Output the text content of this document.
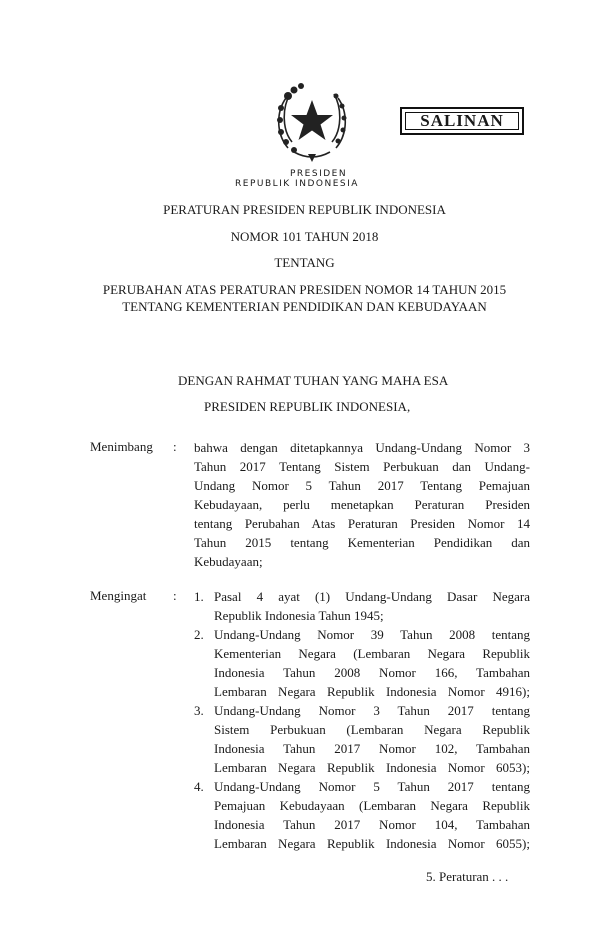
SALINAN
PRESIDEN
REPUBLIK INDONESIA
PERATURAN PRESIDEN REPUBLIK INDONESIA
NOMOR 101 TAHUN 2018
TENTANG
PERUBAHAN ATAS PERATURAN PRESIDEN NOMOR 14 TAHUN 2015
TENTANG KEMENTERIAN PENDIDIKAN DAN KEBUDAYAAN
DENGAN RAHMAT TUHAN YANG MAHA ESA
PRESIDEN REPUBLIK INDONESIA,
Menimbang : bahwa dengan ditetapkannya Undang-Undang Nomor 3
Tahun 2017 Tentang Sistem Perbukuan dan Undang-
Undang Nomor 5 Tahun 2017 Tentang Pemajuan
Kebudayaan, perlu menetapkan Peraturan Presiden
tentang Perubahan Atas Peraturan Presiden Nomor 14
Tahun 2015 tentang Kementerian Pendidikan dan
Kebudayaan;
Mengingat : 1. Pasal 4 ayat (1) Undang-Undang Dasar Negara
Republik Indonesia Tahun 1945;
2. Undang-Undang Nomor 39 Tahun 2008 tentang
Kementerian Negara (Lembaran Negara Republik
Indonesia Tahun 2008 Nomor 166, Tambahan
Lembaran Negara Republik Indonesia Nomor 4916);
3. Undang-Undang Nomor 3 Tahun 2017 tentang
Sistem Perbukuan (Lembaran Negara Republik
Indonesia Tahun 2017 Nomor 102, Tambahan
Lembaran Negara Republik Indonesia Nomor 6053);
4. Undang-Undang Nomor 5 Tahun 2017 tentang
Pemajuan Kebudayaan (Lembaran Negara Republik
Indonesia Tahun 2017 Nomor 104, Tambahan
Lembaran Negara Republik Indonesia Nomor 6055);
5. Peraturan . . .
